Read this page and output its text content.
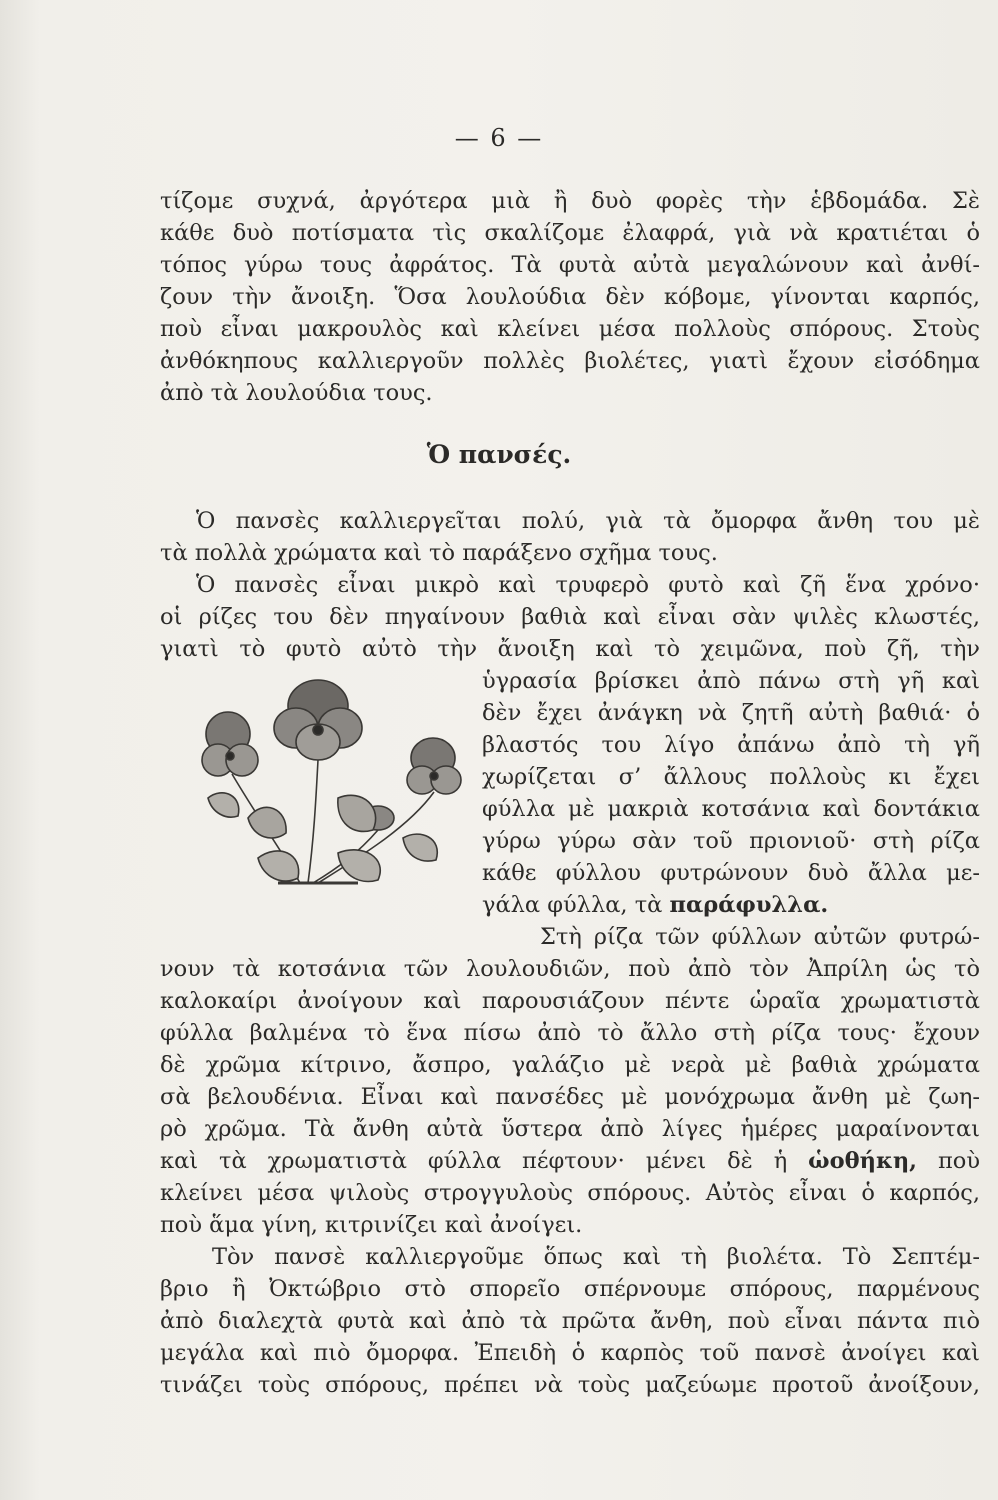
— 6 —
τίζομε συχνά, ἀργότερα μιὰ ἢ δυὸ φορὲς τὴν ἑβδομάδα. Σὲ
κάθε δυὸ ποτίσματα τὶς σκαλίζομε ἐλαφρά, γιὰ νὰ κρατιέται ὁ
τόπος γύρω τους ἀφράτος. Τὰ φυτὰ αὐτὰ μεγαλώνουν καὶ ἀνθί-
ζουν τὴν ἄνοιξη. Ὅσα λουλούδια δὲν κόβομε, γίνονται καρπός,
ποὺ εἶναι μακρουλὸς καὶ κλείνει μέσα πολλοὺς σπόρους. Στοὺς
ἀνθόκηπους καλλιεργοῦν πολλὲς βιολέτες, γιατὶ ἔχουν εἰσόδημα
ἀπὸ τὰ λουλούδια τους.
Ὁ πανσές.
Ὁ πανσὲς καλλιεργεῖται πολύ, γιὰ τὰ ὄμορφα ἄνθη του μὲ
τὰ πολλὰ χρώματα καὶ τὸ παράξενο σχῆμα τους.
Ὁ πανσὲς εἶναι μικρὸ καὶ τρυφερὸ φυτὸ καὶ ζῆ ἕνα χρόνο·
οἱ ρίζες του δὲν πηγαίνουν βαθιὰ καὶ εἶναι σὰν ψιλὲς κλωστές,
γιατὶ τὸ φυτὸ αὐτὸ τὴν ἄνοιξη καὶ τὸ χειμῶνα, ποὺ ζῆ, τὴν
ὑγρασία βρίσκει ἀπὸ πάνω στὴ γῆ καὶ
δὲν ἔχει ἀνάγκη νὰ ζητῆ αὐτὴ βαθιά· ὁ
βλαστός του λίγο ἀπάνω ἀπὸ τὴ γῆ
χωρίζεται σ’ ἄλλους πολλοὺς κι ἔχει
φύλλα μὲ μακριὰ κοτσάνια καὶ δοντάκια
γύρω γύρω σὰν τοῦ πριονιοῦ· στὴ ρίζα
κάθε φύλλου φυτρώνουν δυὸ ἄλλα με-
γάλα φύλλα, τὰ παράφυλλα.
Στὴ ρίζα τῶν φύλλων αὐτῶν φυτρώ-
νουν τὰ κοτσάνια τῶν λουλουδιῶν, ποὺ ἀπὸ τὸν Ἀπρίλη ὡς τὸ
καλοκαίρι ἀνοίγουν καὶ παρουσιάζουν πέντε ὡραῖα χρωματιστὰ
φύλλα βαλμένα τὸ ἕνα πίσω ἀπὸ τὸ ἄλλο στὴ ρίζα τους· ἔχουν
δὲ χρῶμα κίτρινο, ἄσπρο, γαλάζιο μὲ νερὰ μὲ βαθιὰ χρώματα
σὰ βελουδένια. Εἶναι καὶ πανσέδες μὲ μονόχρωμα ἄνθη μὲ ζωη-
ρὸ χρῶμα. Τὰ ἄνθη αὐτὰ ὕστερα ἀπὸ λίγες ἡμέρες μαραίνονται
καὶ τὰ χρωματιστὰ φύλλα πέφτουν· μένει δὲ ἡ ὡοθήκη, ποὺ
κλείνει μέσα ψιλοὺς στρογγυλοὺς σπόρους. Αὐτὸς εἶναι ὁ καρπός,
ποὺ ἅμα γίνη, κιτρινίζει καὶ ἀνοίγει.
Τὸν πανσὲ καλλιεργοῦμε ὅπως καὶ τὴ βιολέτα. Τὸ Σεπτέμ-
βριο ἢ Ὀκτώβριο στὸ σπορεῖο σπέρνουμε σπόρους, παρμένους
ἀπὸ διαλεχτὰ φυτὰ καὶ ἀπὸ τὰ πρῶτα ἄνθη, ποὺ εἶναι πάντα πιὸ
μεγάλα καὶ πιὸ ὄμορφα. Ἐπειδὴ ὁ καρπὸς τοῦ πανσὲ ἀνοίγει καὶ
τινάζει τοὺς σπόρους, πρέπει νὰ τοὺς μαζεύωμε προτοῦ ἀνοίξουν,
